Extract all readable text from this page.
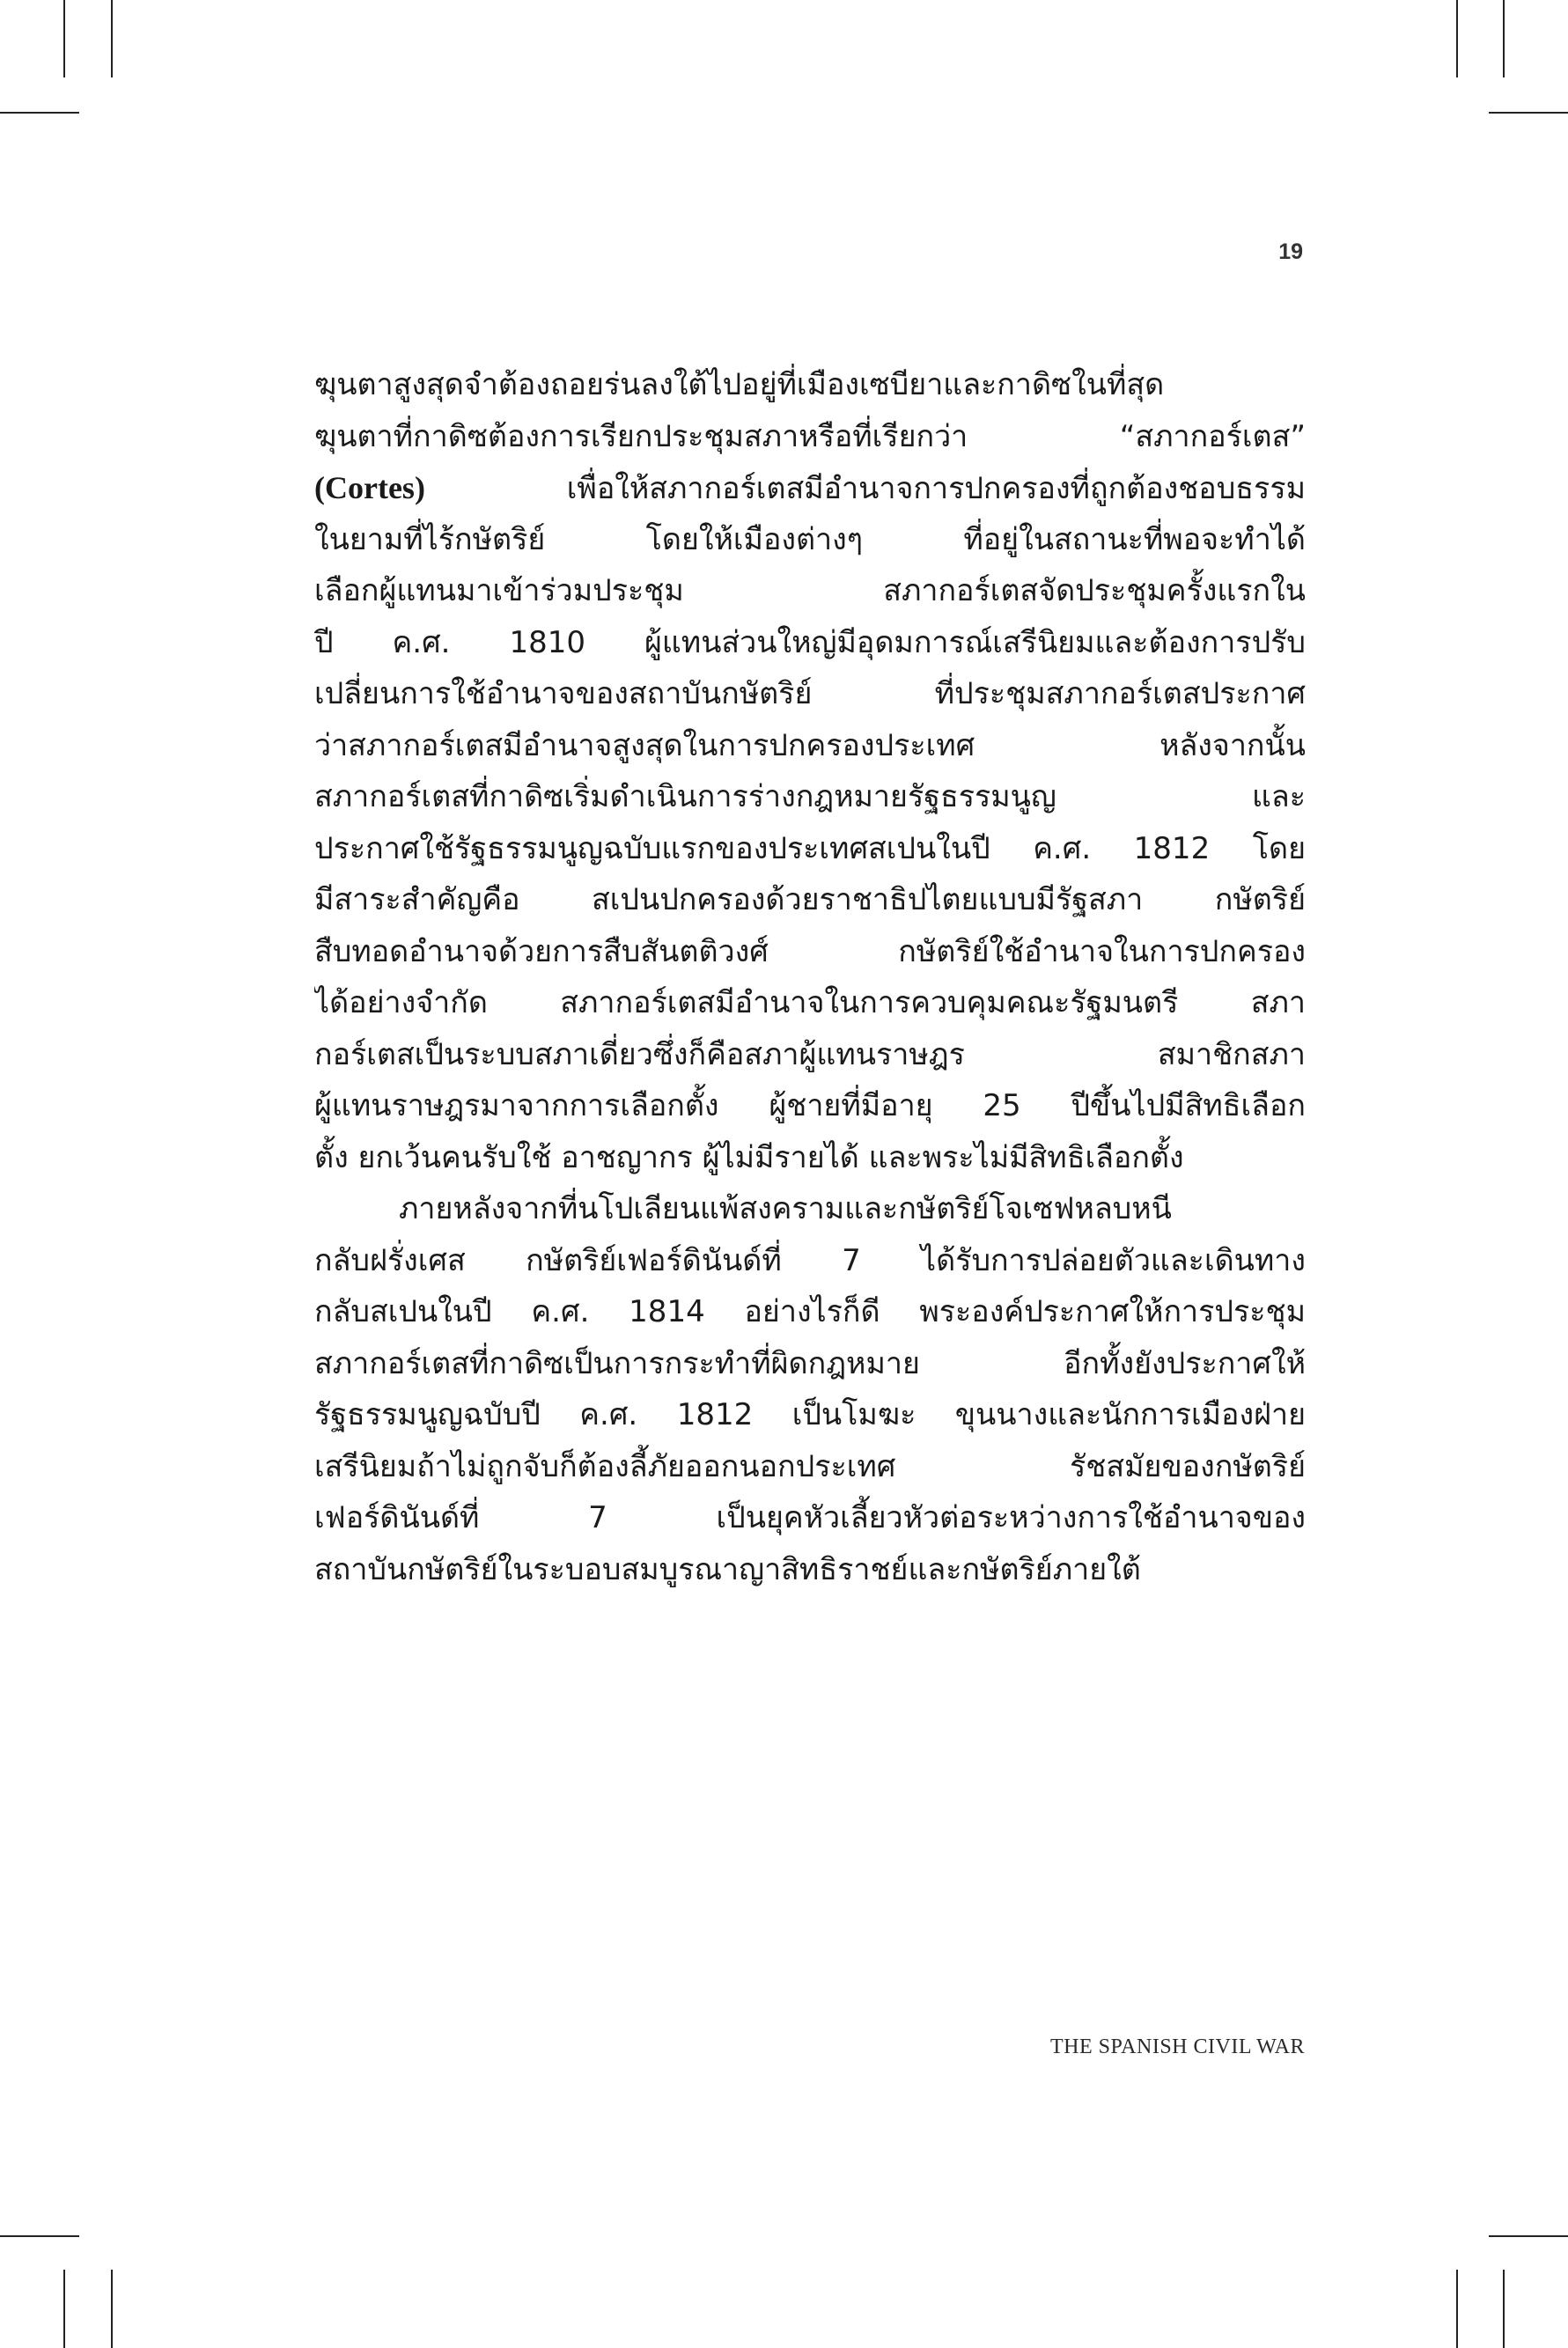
19
ฆุนตาสูงสุดจำต้องถอยร่นลงใต้ไปอยู่ที่เมืองเซบียาและกาดิซในที่สุด
ฆุนตาที่กาดิซต้องการเรียกประชุมสภาหรือที่เรียกว่า “สภากอร์เตส”
(Cortes)	เพื่อให้สภากอร์เตสมีอำนาจการปกครองที่ถูกต้องชอบธรรม
ในยามที่ไร้กษัตริย์ โดยให้เมืองต่างๆ ที่อยู่ในสถานะที่พอจะทำได้
เลือกผู้แทนมาเข้าร่วมประชุม สภากอร์เตสจัดประชุมครั้งแรกใน
ปี ค.ศ. 1810 ผู้แทนส่วนใหญ่มีอุดมการณ์เสรีนิยมและต้องการปรับ
เปลี่ยนการใช้อำนาจของสถาบันกษัตริย์ ที่ประชุมสภากอร์เตสประกาศ
ว่าสภากอร์เตสมีอำนาจสูงสุดในการปกครองประเทศ หลังจากนั้น
สภากอร์เตสที่กาดิซเริ่มดำเนินการร่างกฎหมายรัฐธรรมนูญ และ
ประกาศใช้รัฐธรรมนูญฉบับแรกของประเทศสเปนในปี ค.ศ. 1812 โดย
มีสาระสำคัญคือ สเปนปกครองด้วยราชาธิปไตยแบบมีรัฐสภา กษัตริย์
สืบทอดอำนาจด้วยการสืบสันตติวงศ์ กษัตริย์ใช้อำนาจในการปกครอง
ได้อย่างจำกัด สภากอร์เตสมีอำนาจในการควบคุมคณะรัฐมนตรี สภา
กอร์เตสเป็นระบบสภาเดี่ยวซึ่งก็คือสภาผู้แทนราษฎร สมาชิกสภา
ผู้แทนราษฎรมาจากการเลือกตั้ง ผู้ชายที่มีอายุ 25 ปีขึ้นไปมีสิทธิเลือก
ตั้ง ยกเว้นคนรับใช้ อาชญากร ผู้ไม่มีรายได้ และพระไม่มีสิทธิเลือกตั้ง
ภายหลังจากที่นโปเลียนแพ้สงครามและกษัตริย์โจเซฟหลบหนี
กลับฝรั่งเศส กษัตริย์เฟอร์ดินันด์ที่ 7 ได้รับการปล่อยตัวและเดินทาง
กลับสเปนในปี ค.ศ. 1814 อย่างไรก็ดี พระองค์ประกาศให้การประชุม
สภากอร์เตสที่กาดิซเป็นการกระทำที่ผิดกฎหมาย อีกทั้งยังประกาศให้
รัฐธรรมนูญฉบับปี ค.ศ. 1812 เป็นโมฆะ ขุนนางและนักการเมืองฝ่าย
เสรีนิยมถ้าไม่ถูกจับก็ต้องลี้ภัยออกนอกประเทศ รัชสมัยของกษัตริย์
เฟอร์ดินันด์ที่ 7 เป็นยุคหัวเลี้ยวหัวต่อระหว่างการใช้อำนาจของ
สถาบันกษัตริย์ในระบอบสมบูรณาญาสิทธิราชย์และกษัตริย์ภายใต้
THE SPANISH CIVIL WAR
